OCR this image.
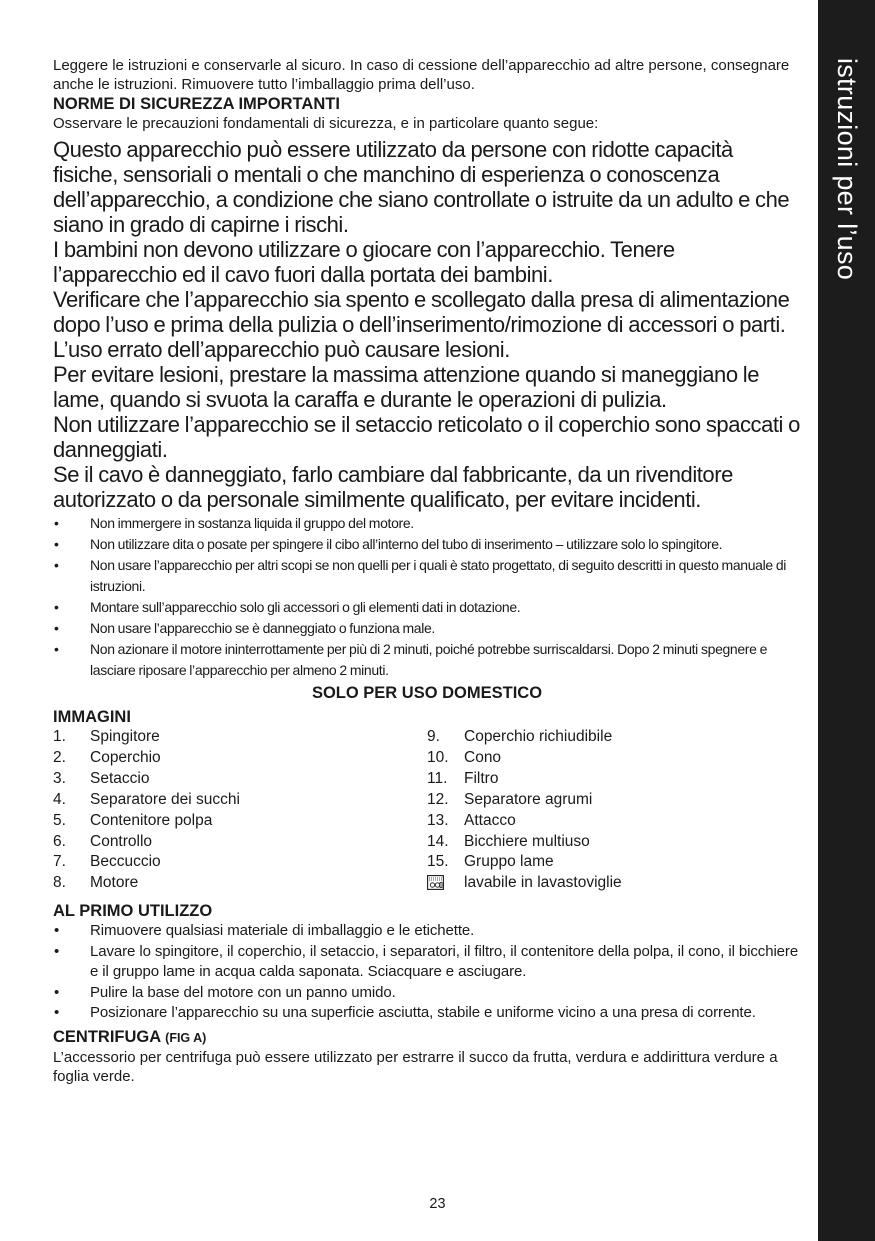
istruzioni per l’uso

Leggere le istruzioni e conservarle al sicuro. In caso di cessione dell’apparecchio ad altre persone, consegnare anche le istruzioni. Rimuovere tutto l’imballaggio prima dell’uso.

NORME DI SICUREZZA IMPORTANTI

Osservare le precauzioni fondamentali di sicurezza, e in particolare quanto segue:

Questo apparecchio può essere utilizzato da persone con ridotte capacità fisiche, sensoriali o mentali o che manchino di esperienza o conoscenza dell’apparecchio, a condizione che siano controllate o istruite da un adulto e che siano in grado di capirne i rischi.

I bambini non devono utilizzare o giocare con l’apparecchio. Tenere l’apparecchio ed il cavo fuori dalla portata dei bambini.

Verificare che l’apparecchio sia spento e scollegato dalla presa di alimentazione dopo l’uso e prima della pulizia o dell’inserimento/rimozione di accessori o parti.

L’uso errato dell’apparecchio può causare lesioni.

Per evitare lesioni, prestare la massima attenzione quando si maneggiano le lame, quando si svuota la caraffa e durante le operazioni di pulizia.

Non utilizzare l’apparecchio se il setaccio reticolato o il coperchio sono spaccati o danneggiati.

Se il cavo è danneggiato, farlo cambiare dal fabbricante, da un rivenditore autorizzato o da personale similmente qualificato, per evitare incidenti.

• Non immergere in sostanza liquida il gruppo del motore.
• Non utilizzare dita o posate per spingere il cibo all’interno del tubo di inserimento – utilizzare solo lo spingitore.
• Non usare l’apparecchio per altri scopi se non quelli per i quali è stato progettato, di seguito descritti in questo manuale di istruzioni.
• Montare sull’apparecchio solo gli accessori o gli elementi dati in dotazione.
• Non usare l’apparecchio se è danneggiato o funziona male.
• Non azionare il motore ininterrottamente per più di 2 minuti, poiché potrebbe surriscaldarsi. Dopo 2 minuti spegnere e lasciare riposare l’apparecchio per almeno 2 minuti.

SOLO PER USO DOMESTICO

IMMAGINI

1.	Spingitore
2.	Coperchio
3.	Setaccio
4.	Separatore dei succhi
5.	Contenitore polpa
6.	Controllo
7.	Beccuccio
8.	Motore
9.	Coperchio richiudibile
10. Cono
11.	Filtro
12. Separatore agrumi
13. Attacco
14. Bicchiere multiuso
15. Gruppo lame
lavabile in lavastoviglie

AL PRIMO UTILIZZO

• Rimuovere qualsiasi materiale di imballaggio e le etichette.
• Lavare lo spingitore, il coperchio, il setaccio, i separatori, il filtro, il contenitore della polpa, il cono, il bicchiere e il gruppo lame in acqua calda saponata. Sciacquare e asciugare.
• Pulire la base del motore con un panno umido.
• Posizionare l’apparecchio su una superficie asciutta, stabile e uniforme vicino a una presa di corrente.

CENTRIFUGA (FIG A)

L’accessorio per centrifuga può essere utilizzato per estrarre il succo da frutta, verdura e addirittura verdure a foglia verde.

23
